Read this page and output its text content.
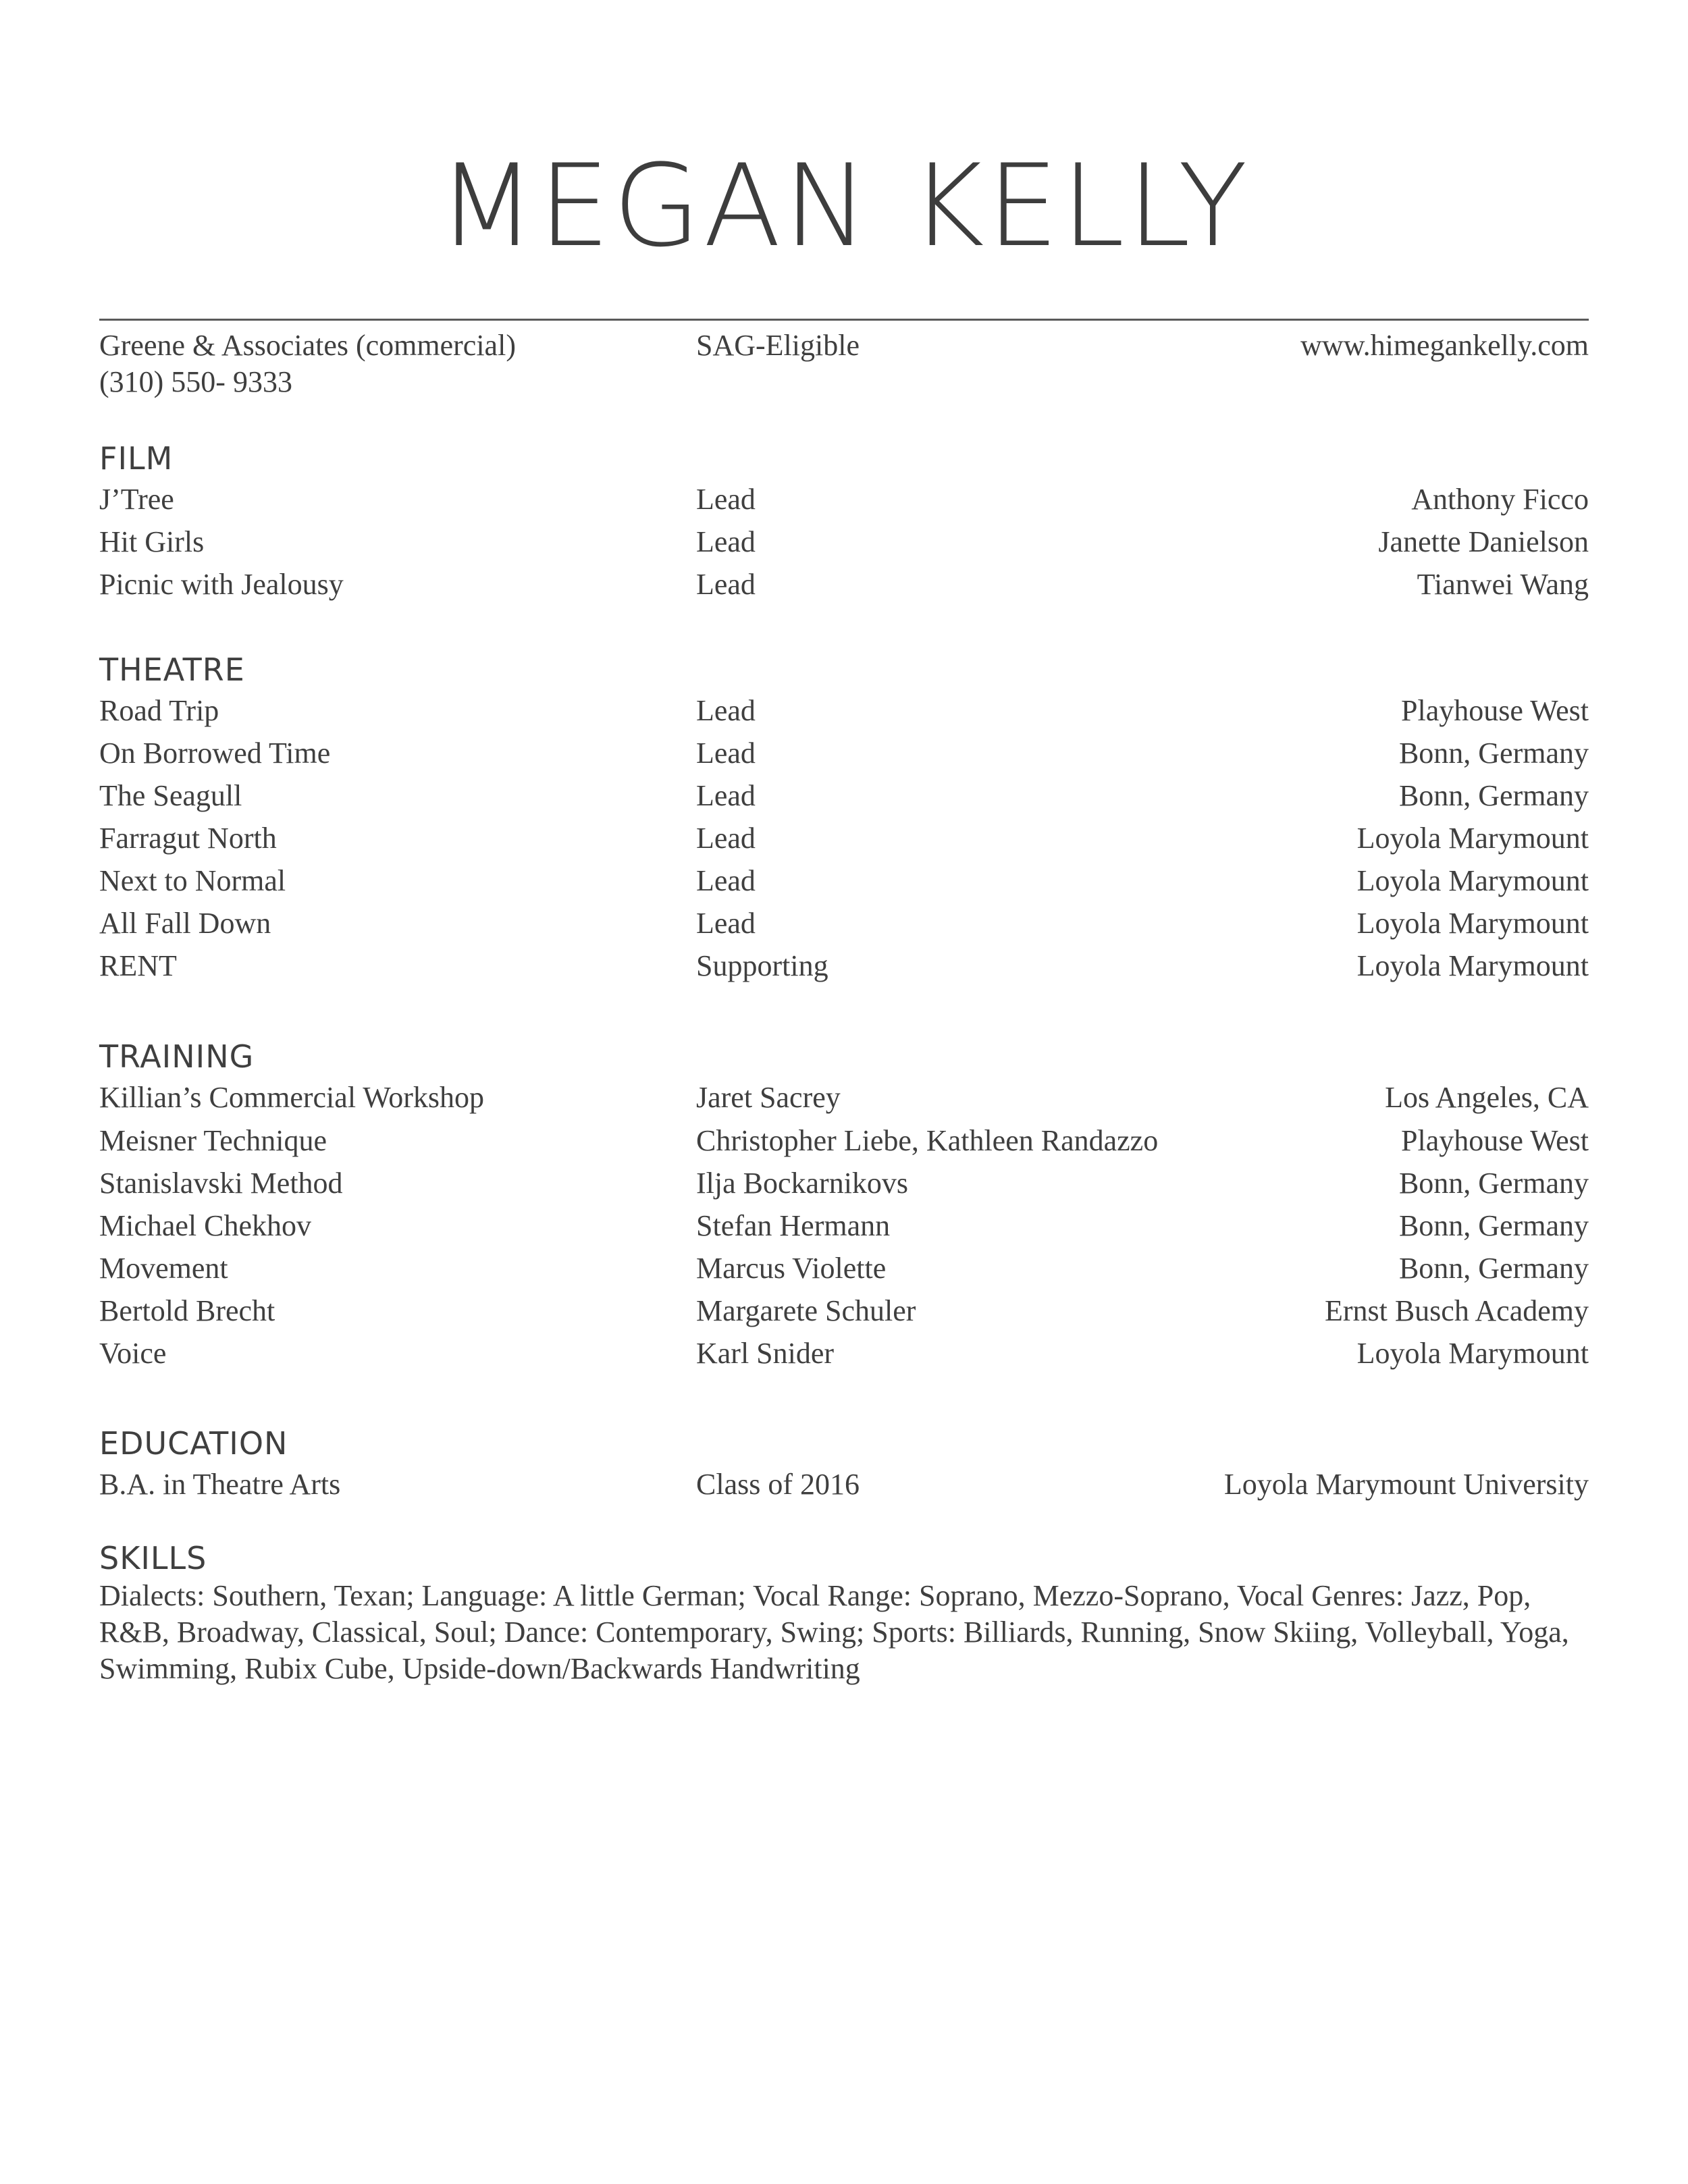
MEGAN KELLY
Greene & Associates (commercial)	SAG-Eligible	www.himegankelly.com
(310) 550- 9333
FILM
J’Tree	Lead	Anthony Ficco
Hit Girls	Lead	Janette Danielson
Picnic with Jealousy	Lead	Tianwei Wang
THEATRE
Road Trip	Lead	Playhouse West
On Borrowed Time	Lead	Bonn, Germany
The Seagull	Lead	Bonn, Germany
Farragut North	Lead	Loyola Marymount
Next to Normal	Lead	Loyola Marymount
All Fall Down	Lead	Loyola Marymount
RENT	Supporting	Loyola Marymount
TRAINING
Killian’s Commercial Workshop	Jaret Sacrey	Los Angeles, CA
Meisner Technique	Christopher Liebe, Kathleen Randazzo	Playhouse West
Stanislavski Method	Ilja Bockarnikovs	Bonn, Germany
Michael Chekhov	Stefan Hermann	Bonn, Germany
Movement	Marcus Violette	Bonn, Germany
Bertold Brecht	Margarete Schuler	Ernst Busch Academy
Voice	Karl Snider	Loyola Marymount
EDUCATION
B.A. in Theatre Arts	Class of 2016	Loyola Marymount University
SKILLS
Dialects: Southern, Texan; Language: A little German; Vocal Range: Soprano, Mezzo-Soprano, Vocal Genres: Jazz, Pop,
R&B, Broadway, Classical, Soul; Dance: Contemporary, Swing; Sports: Billiards, Running, Snow Skiing, Volleyball, Yoga,
Swimming, Rubix Cube, Upside-down/Backwards Handwriting
